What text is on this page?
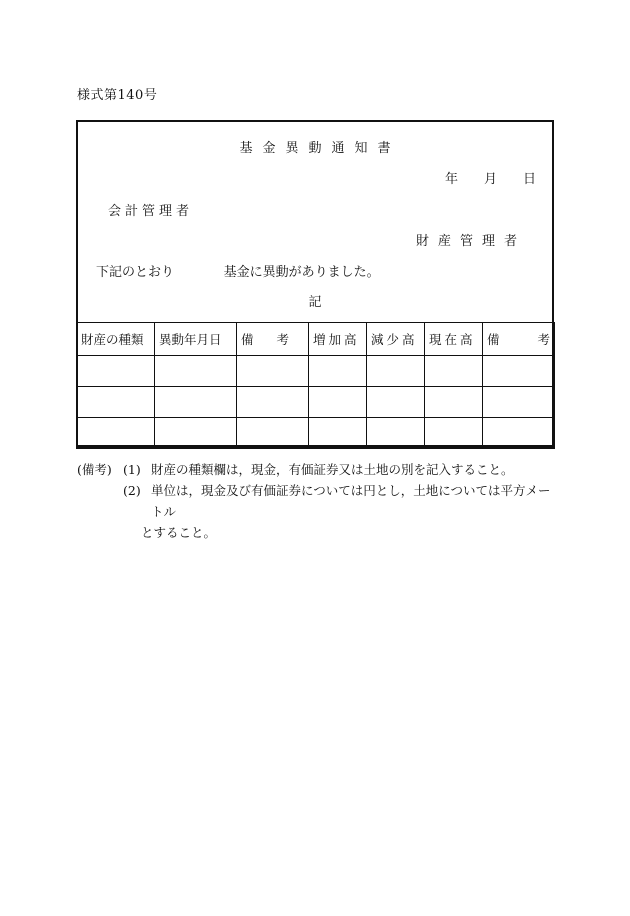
様式第140号
基金異動通知書
年 月 日
会計管理者
財産管理者
下記のとおり	基金に異動がありました。
記
財産の種類	異動年月日	備 考	増加高	減少高	現在高	備 考

(備考) (1) 財産の種類欄は，現金，有価証券又は土地の別を記入すること。
(2) 単位は，現金及び有価証券については円とし，土地については平方メートル
とすること。
